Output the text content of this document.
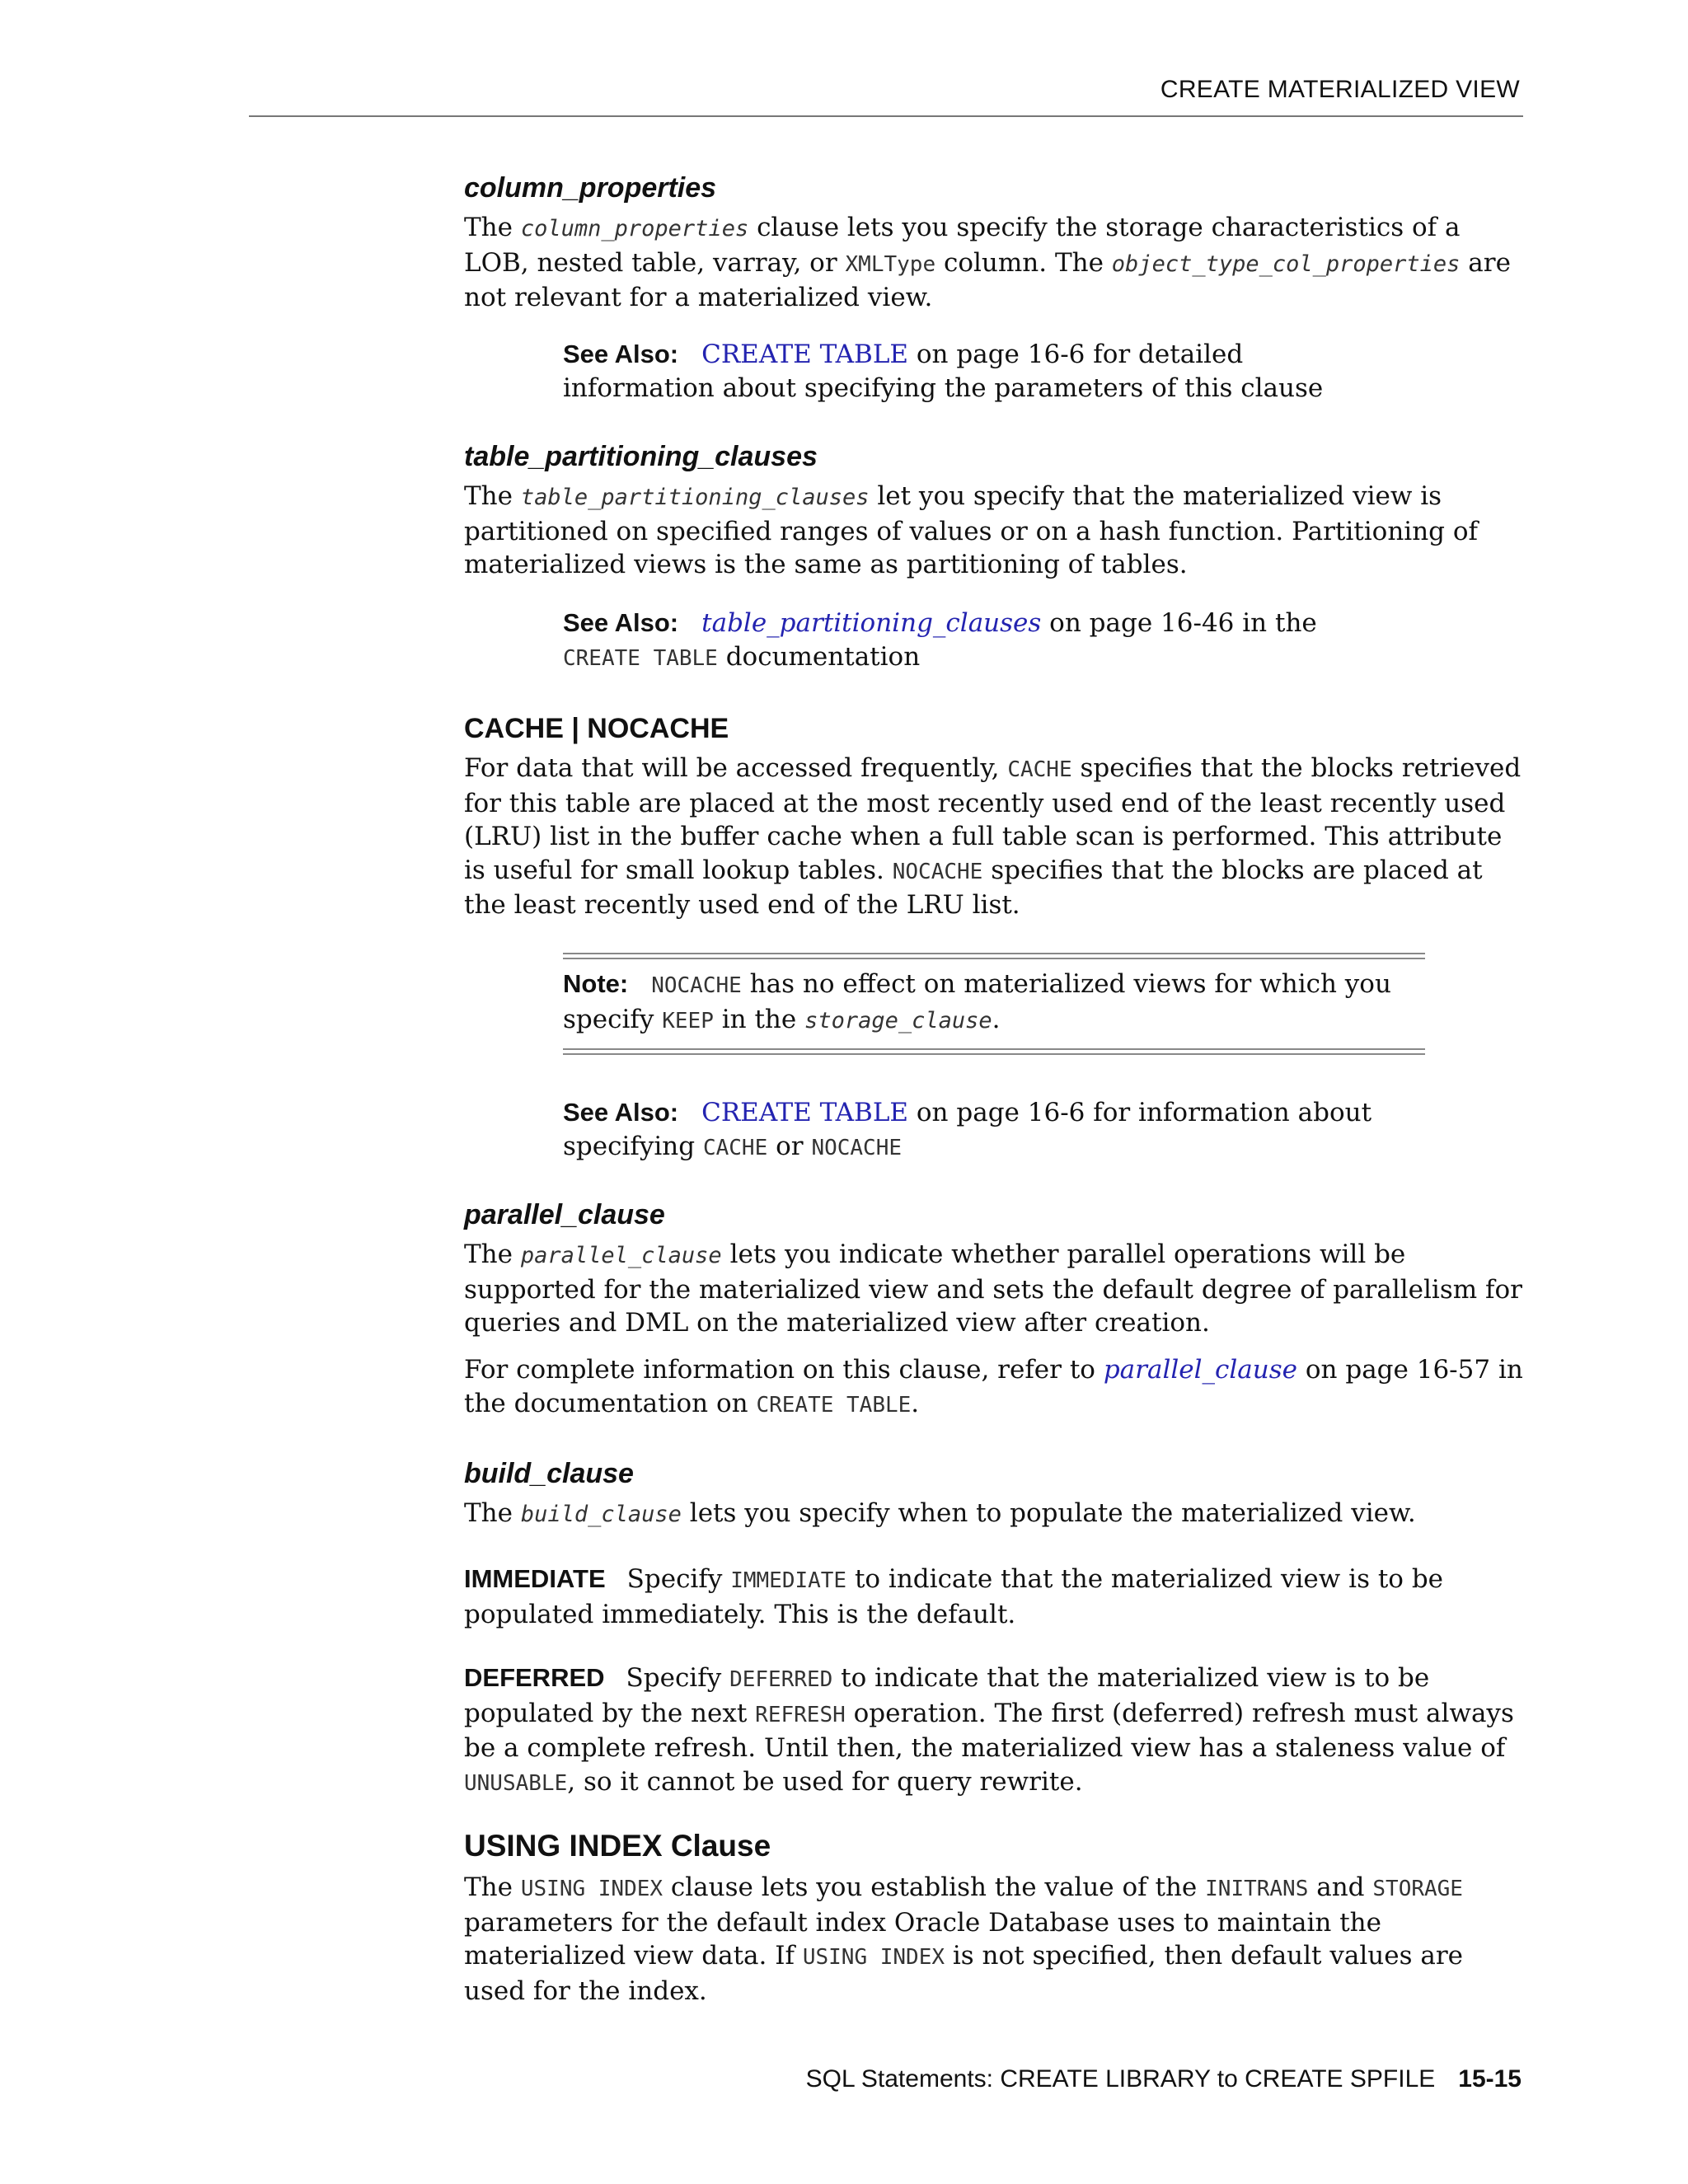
CREATE MATERIALIZED VIEW
column_properties
The column_properties clause lets you specify the storage characteristics of a LOB, nested table, varray, or XMLType column. The object_type_col_properties are not relevant for a materialized view.
See Also: CREATE TABLE on page 16-6 for detailed information about specifying the parameters of this clause
table_partitioning_clauses
The table_partitioning_clauses let you specify that the materialized view is partitioned on specified ranges of values or on a hash function. Partitioning of materialized views is the same as partitioning of tables.
See Also: table_partitioning_clauses on page 16-46 in the CREATE TABLE documentation
CACHE | NOCACHE
For data that will be accessed frequently, CACHE specifies that the blocks retrieved for this table are placed at the most recently used end of the least recently used (LRU) list in the buffer cache when a full table scan is performed. This attribute is useful for small lookup tables. NOCACHE specifies that the blocks are placed at the least recently used end of the LRU list.
Note: NOCACHE has no effect on materialized views for which you specify KEEP in the storage_clause.
See Also: CREATE TABLE on page 16-6 for information about specifying CACHE or NOCACHE
parallel_clause
The parallel_clause lets you indicate whether parallel operations will be supported for the materialized view and sets the default degree of parallelism for queries and DML on the materialized view after creation.
For complete information on this clause, refer to parallel_clause on page 16-57 in the documentation on CREATE TABLE.
build_clause
The build_clause lets you specify when to populate the materialized view.
IMMEDIATE Specify IMMEDIATE to indicate that the materialized view is to be populated immediately. This is the default.
DEFERRED Specify DEFERRED to indicate that the materialized view is to be populated by the next REFRESH operation. The first (deferred) refresh must always be a complete refresh. Until then, the materialized view has a staleness value of UNUSABLE, so it cannot be used for query rewrite.
USING INDEX Clause
The USING INDEX clause lets you establish the value of the INITRANS and STORAGE parameters for the default index Oracle Database uses to maintain the materialized view data. If USING INDEX is not specified, then default values are used for the index.
SQL Statements: CREATE LIBRARY to CREATE SPFILE 15-15
